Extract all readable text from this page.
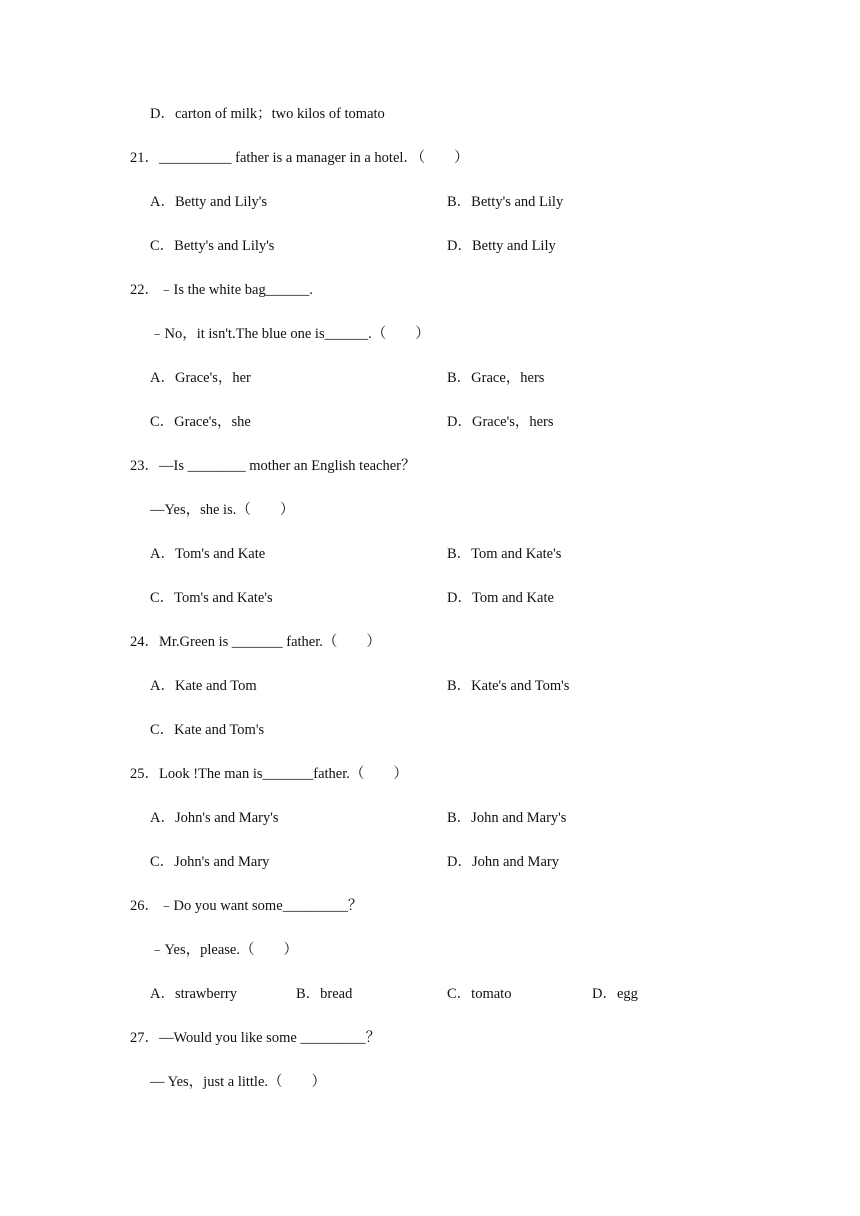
D．carton of milk；two kilos of tomato
21．__________ father is a manager in a hotel．（　　）
A．Betty and Lily's	B．Betty's and Lily
C．Betty's and Lily's	D．Betty and Lily
22．﹣Is the white bag______.
﹣No，it isn't.The blue one is______.（　　）
A．Grace's，her	B．Grace，hers
C．Grace's，she	D．Grace's，hers
23．—Is ________ mother an English teacher？
—Yes，she is.（　　）
A．Tom's and Kate	B．Tom and Kate's
C．Tom's and Kate's	D．Tom and Kate
24．Mr.Green is _______ father.（　　）
A．Kate and Tom	B．Kate's and Tom's
C．Kate and Tom's
25．Look !The man is_______father.（　　）
A．John's and Mary's	B．John and Mary's
C．John's and Mary	D．John and Mary
26．﹣Do you want some_________？
﹣Yes，please.（　　）
A．strawberry	B．bread	C．tomato	D．egg
27．—Would you like some _________？
— Yes，just a little.（　　）
